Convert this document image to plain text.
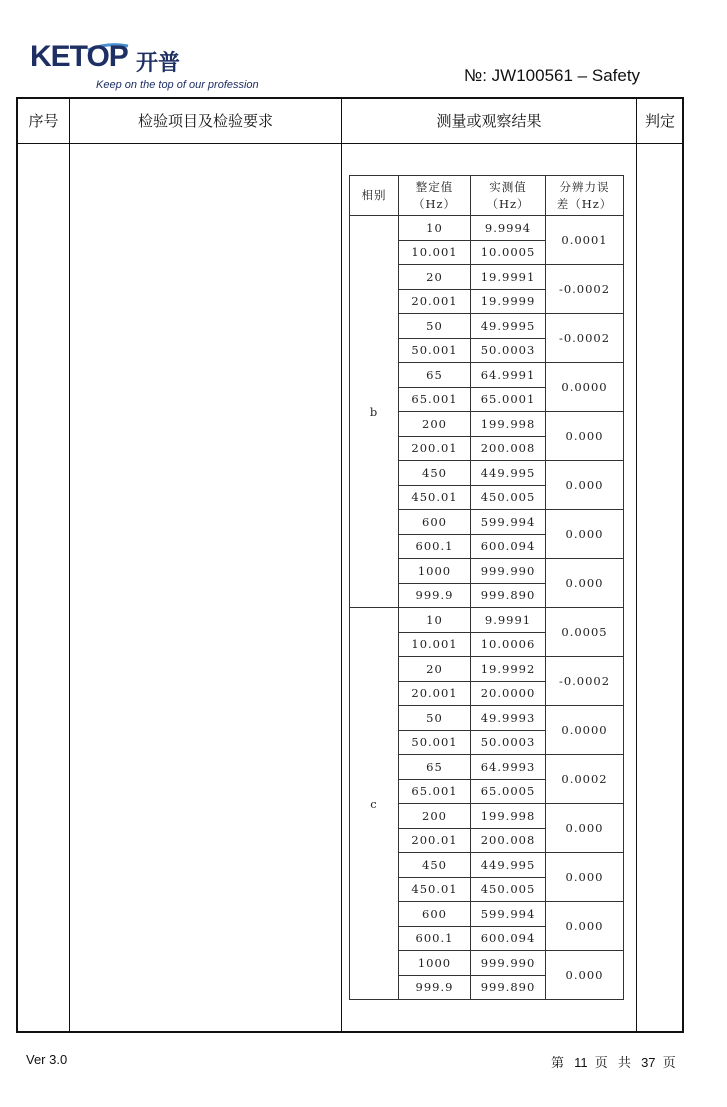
KETOP 开普
Keep on the top of our profession	№: JW100561 – Safety
序号	检验项目及检验要求	测量或观察结果	判定
相别	整定值
（Hz）	实测值
（Hz）	分辨力误
差（Hz）
b	10	9.9994	0.0001
	10.001	10.0005	
	20	19.9991	-0.0002
	20.001	19.9999	
	50	49.9995	-0.0002
	50.001	50.0003	
	65	64.9991	0.0000
	65.001	65.0001	
	200	199.998	0.000
	200.01	200.008	
	450	449.995	0.000
	450.01	450.005	
	600	599.994	0.000
	600.1	600.094	
	1000	999.990	0.000
	999.9	999.890	
c	10	9.9991	0.0005
	10.001	10.0006	
	20	19.9992	-0.0002
	20.001	20.0000	
	50	49.9993	0.0000
	50.001	50.0003	
	65	64.9993	0.0002
	65.001	65.0005	
	200	199.998	0.000
	200.01	200.008	
	450	449.995	0.000
	450.01	450.005	
	600	599.994	0.000
	600.1	600.094	
	1000	999.990	0.000
	999.9	999.890	
Ver 3.0	第 11 页 共 37 页
